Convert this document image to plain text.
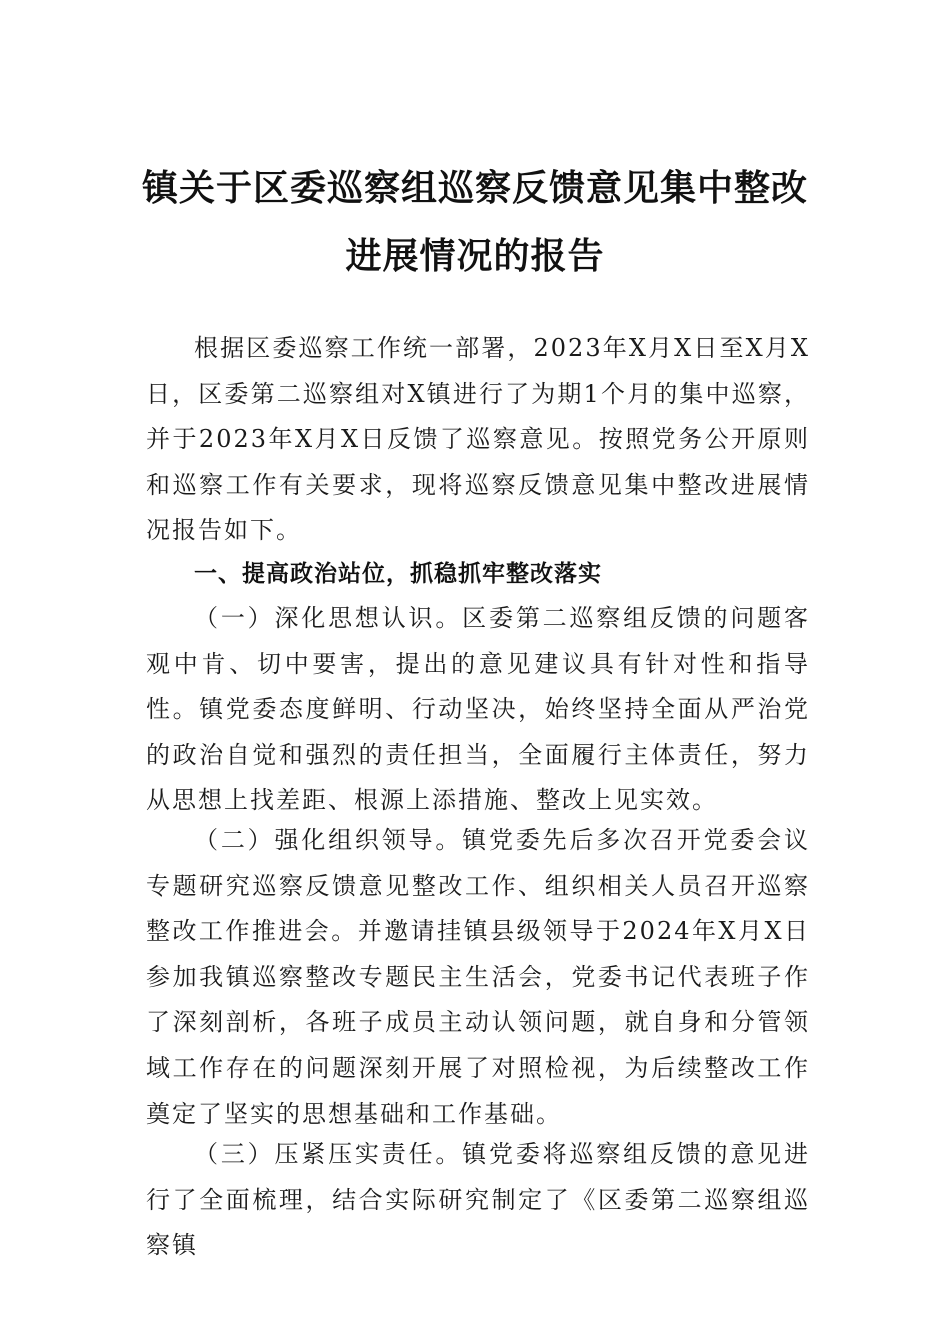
镇关于区委巡察组巡察反馈意见集中整改
进展情况的报告

根据区委巡察工作统一部署，2023年X月X日至X月X日，区委第二巡察组对X镇进行了为期1个月的集中巡察，并于2023年X月X日反馈了巡察意见。按照党务公开原则和巡察工作有关要求，现将巡察反馈意见集中整改进展情况报告如下。

一、提高政治站位，抓稳抓牢整改落实

（一）深化思想认识。区委第二巡察组反馈的问题客观中肯、切中要害，提出的意见建议具有针对性和指导性。镇党委态度鲜明、行动坚决，始终坚持全面从严治党的政治自觉和强烈的责任担当，全面履行主体责任，努力从思想上找差距、根源上添措施、整改上见实效。

（二）强化组织领导。镇党委先后多次召开党委会议专题研究巡察反馈意见整改工作、组织相关人员召开巡察整改工作推进会。并邀请挂镇县级领导于2024年X月X日参加我镇巡察整改专题民主生活会，党委书记代表班子作了深刻剖析，各班子成员主动认领问题，就自身和分管领域工作存在的问题深刻开展了对照检视，为后续整改工作奠定了坚实的思想基础和工作基础。

（三）压紧压实责任。镇党委将巡察组反馈的意见进行了全面梳理，结合实际研究制定了《区委第二巡察组巡察镇
